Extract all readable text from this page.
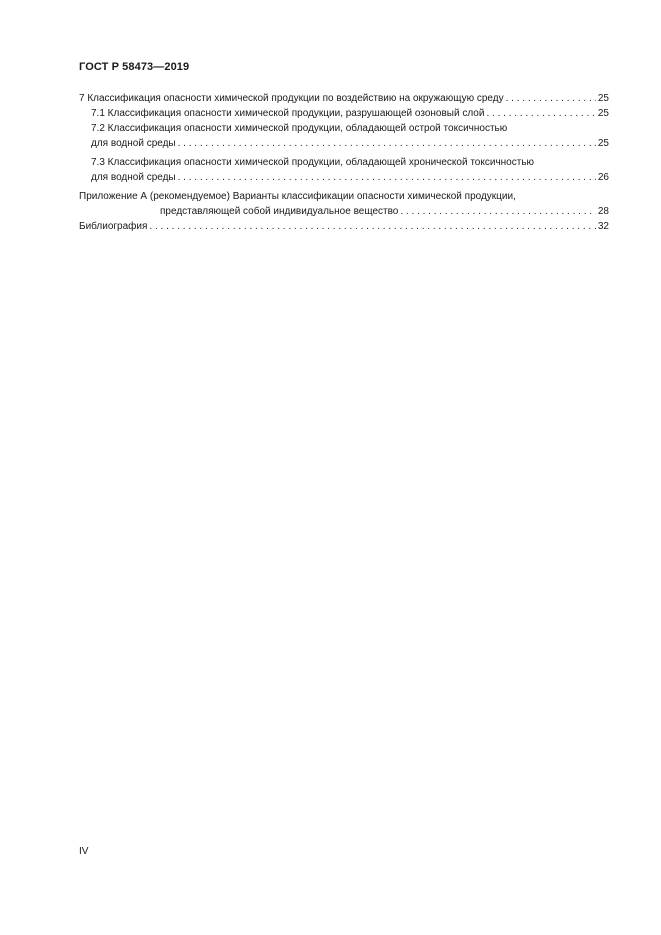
ГОСТ Р 58473—2019
7 Классификация опасности химической продукции по воздействию на окружающую среду . . .	25
7.1 Классификация опасности химической продукции, разрушающей озоновый слой . . .	25
7.2 Классификация опасности химической продукции, обладающей острой токсичностью
для водной среды . . .	25
7.3 Классификация опасности химической продукции, обладающей хронической токсичностью
для водной среды . . .	26
Приложение А (рекомендуемое) Варианты классификации опасности химической продукции,
представляющей собой индивидуальное вещество . . .	28
Библиография . . .	32
IV
